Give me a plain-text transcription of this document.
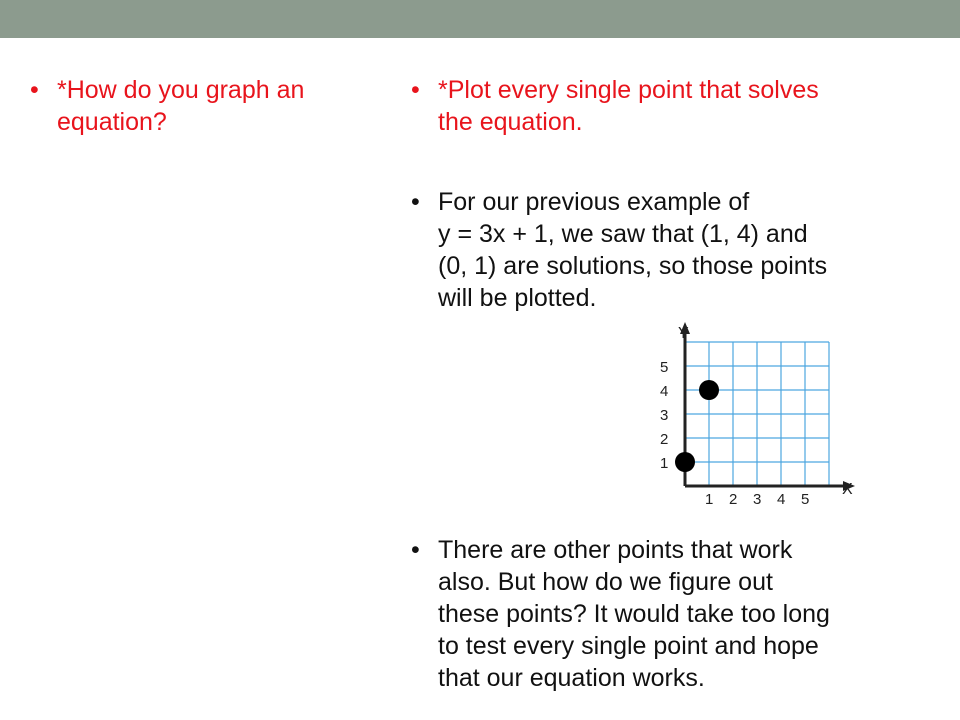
• *How do you graph an
equation?
• *Plot every single point that solves
the equation.
• For our previous example of
y = 3x + 1, we saw that (1, 4) and
(0, 1) are solutions, so those points
will be plotted.
• There are other points that work
also. But how do we figure out
these points? It would take too long
to test every single point and hope
that our equation works.
1 2 3 4 5
1
2
3
4
5
X
Y
